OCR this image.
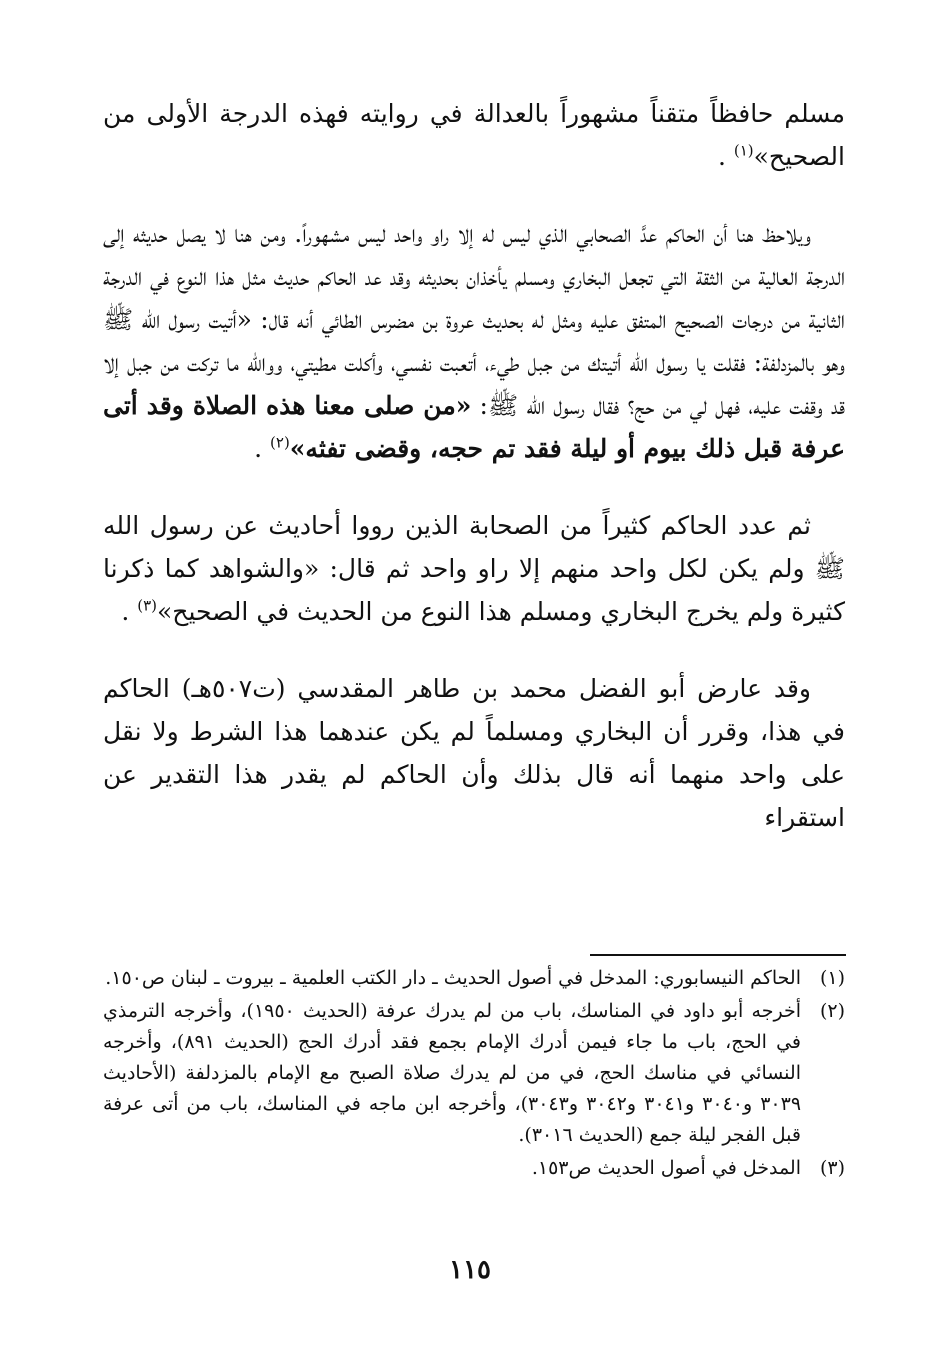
مسلم حافظاً متقناً مشهوراً بالعدالة في روايته فهذه الدرجة الأولى من الصحيح»$^{(١)}$ .

ويلاحظ هنا أن الحاكم عدَّ الصحابي الذي ليس له إلا راو واحد ليس مشهوراً. ومن هنا لا يصل حديثه إلى الدرجة العالية من الثقة التي تجعل البخاري ومسلم يأخذان بحديثه وقد عد الحاكم حديث مثل هذا النوع في الدرجة الثانية من درجات الصحيح المتفق عليه ومثل له بحديث عروة بن مضرس الطائي أنه قال: «أتيت رسول الله ﷺ وهو بالمزدلفة: فقلت يا رسول الله أتيتك من جبل طيء، أتعبت نفسي، وأكلت مطيتي، ووالله ما تركت من جبل إلا قد وقفت عليه، فهل لي من حج؟ فقال رسول الله ﷺ: «من صلى معنا هذه الصلاة وقد أتى عرفة قبل ذلك بيوم أو ليلة فقد تم حجه، وقضى تفثه»$^{(٢)}$ .

ثم عدد الحاكم كثيراً من الصحابة الذين رووا أحاديث عن رسول الله ﷺ ولم يكن لكل واحد منهم إلا راو واحد ثم قال: «والشواهد كما ذكرنا كثيرة ولم يخرج البخاري ومسلم هذا النوع من الحديث في الصحيح»$^{(٣)}$ .

وقد عارض أبو الفضل محمد بن طاهر المقدسي (ت٥٠٧هـ) الحاكم في هذا، وقرر أن البخاري ومسلماً لم يكن عندهما هذا الشرط ولا نقل على واحد منهما أنه قال بذلك وأن الحاكم لم يقدر هذا التقدير عن استقراء

(١)
الحاكم النيسابوري: المدخل في أصول الحديث ـ دار الكتب العلمية ـ بيروت ـ لبنان ص١٥٠.
(٢)
أخرجه أبو داود في المناسك، باب من لم يدرك عرفة (الحديث ١٩٥٠)، وأخرجه الترمذي في الحج، باب ما جاء فيمن أدرك الإمام بجمع فقد أدرك الحج (الحديث ٨٩١)، وأخرجه النسائي في مناسك الحج، في من لم يدرك صلاة الصبح مع الإمام بالمزدلفة (الأحاديث ٣٠٣٩ و٣٠٤٠ و٣٠٤١ و٣٠٤٢ و٣٠٤٣)، وأخرجه ابن ماجه في المناسك، باب من أتى عرفة قبل الفجر ليلة جمع (الحديث ٣٠١٦).
(٣)
المدخل في أصول الحديث ص١٥٣.
١١٥
